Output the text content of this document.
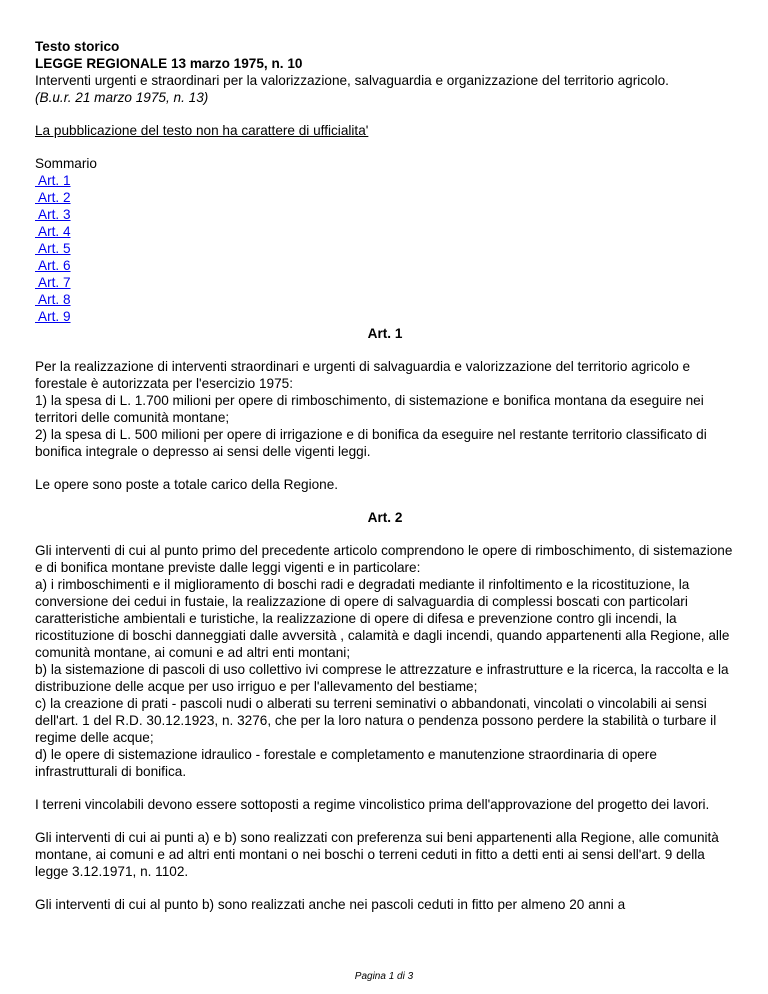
Testo storico

LEGGE REGIONALE 13 marzo 1975, n. 10

Interventi urgenti e straordinari per la valorizzazione, salvaguardia e organizzazione del territorio agricolo.

(B.u.r. 21 marzo 1975, n. 13)

La pubblicazione del testo non ha carattere di ufficialita'

Sommario

Art. 1
Art. 2
Art. 3
Art. 4
Art. 5
Art. 6
Art. 7
Art. 8
Art. 9

Art. 1

Per la realizzazione di interventi straordinari e urgenti di salvaguardia e valorizzazione del territorio agricolo e forestale è autorizzata per l'esercizio 1975:

1) la spesa di L. 1.700 milioni per opere di rimboschimento, di sistemazione e bonifica montana da eseguire nei territori delle comunità montane;

2) la spesa di L. 500 milioni per opere di irrigazione e di bonifica da eseguire nel restante territorio classificato di bonifica integrale o depresso ai sensi delle vigenti leggi.

Le opere sono poste a totale carico della Regione.

Art. 2

Gli interventi di cui al punto primo del precedente articolo comprendono le opere di rimboschimento, di sistemazione e di bonifica montane previste dalle leggi vigenti e in particolare:

a) i rimboschimenti e il miglioramento di boschi radi e degradati mediante il rinfoltimento e la ricostituzione, la conversione dei cedui in fustaie, la realizzazione di opere di salvaguardia di complessi boscati con particolari caratteristiche ambientali e turistiche, la realizzazione di opere di difesa e prevenzione contro gli incendi, la ricostituzione di boschi danneggiati dalle avversità , calamità e dagli incendi, quando appartenenti alla Regione, alle comunità montane, ai comuni e ad altri enti montani;

b) la sistemazione di pascoli di uso collettivo ivi comprese le attrezzature e infrastrutture e la ricerca, la raccolta e la distribuzione delle acque per uso irriguo e per l'allevamento del bestiame;

c) la creazione di prati - pascoli nudi o alberati su terreni seminativi o abbandonati, vincolati o vincolabili ai sensi dell'art. 1 del R.D. 30.12.1923, n. 3276, che per la loro natura o pendenza possono perdere la stabilità o turbare il regime delle acque;

d) le opere di sistemazione idraulico - forestale e completamento e manutenzione straordinaria di opere infrastrutturali di bonifica.

I terreni vincolabili devono essere sottoposti a regime vincolistico prima dell'approvazione del progetto dei lavori.

Gli interventi di cui ai punti a) e b) sono realizzati con preferenza sui beni appartenenti alla Regione, alle comunità montane, ai comuni e ad altri enti montani o nei boschi o terreni ceduti in fitto a detti enti ai sensi dell'art. 9 della legge 3.12.1971, n. 1102.

Gli interventi di cui al punto b) sono realizzati anche nei pascoli ceduti in fitto per almeno 20 anni a

Pagina 1 di 3
